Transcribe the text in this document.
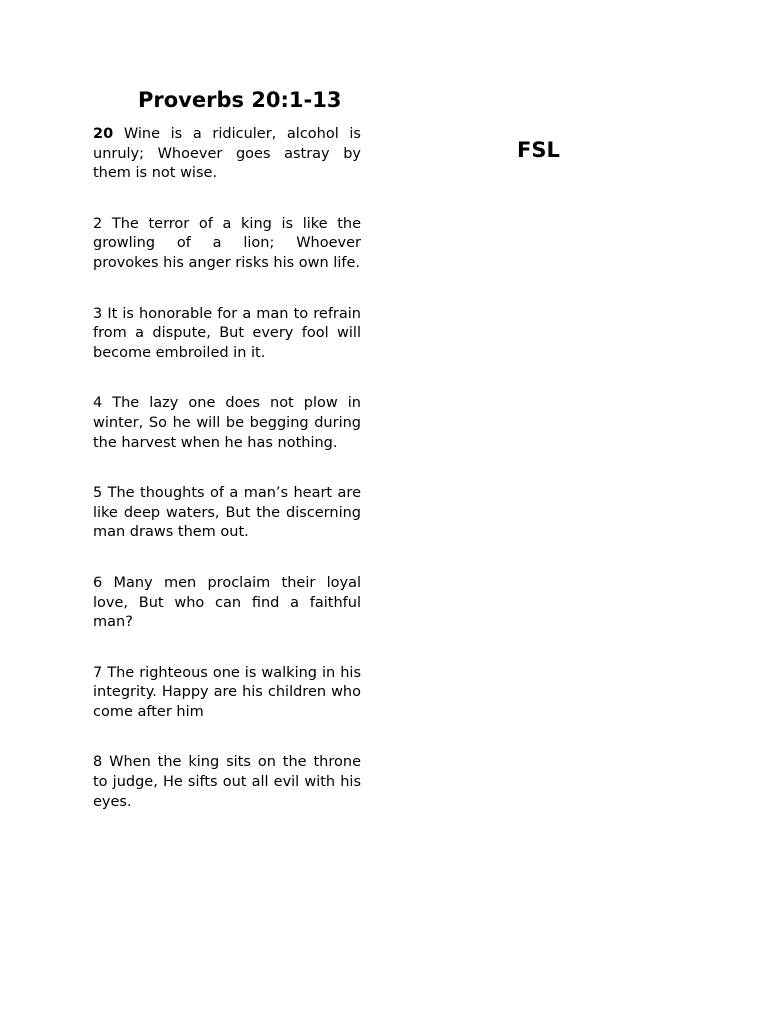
Proverbs 20:1-13

20 Wine is a ridiculer, alcohol is unruly; Whoever goes astray by them is not wise.

2 The terror of a king is like the growling of a lion; Whoever provokes his anger risks his own life.

3 It is honorable for a man to refrain from a dispute, But every fool will become embroiled in it.

4 The lazy one does not plow in winter, So he will be begging during the harvest when he has nothing.

5 The thoughts of a man’s heart are like deep waters, But the discerning man draws them out.

6 Many men proclaim their loyal love, But who can find a faithful man?

7 The righteous one is walking in his integrity. Happy are his children who come after him

8 When the king sits on the throne to judge, He sifts out all evil with his eyes.

FSL
